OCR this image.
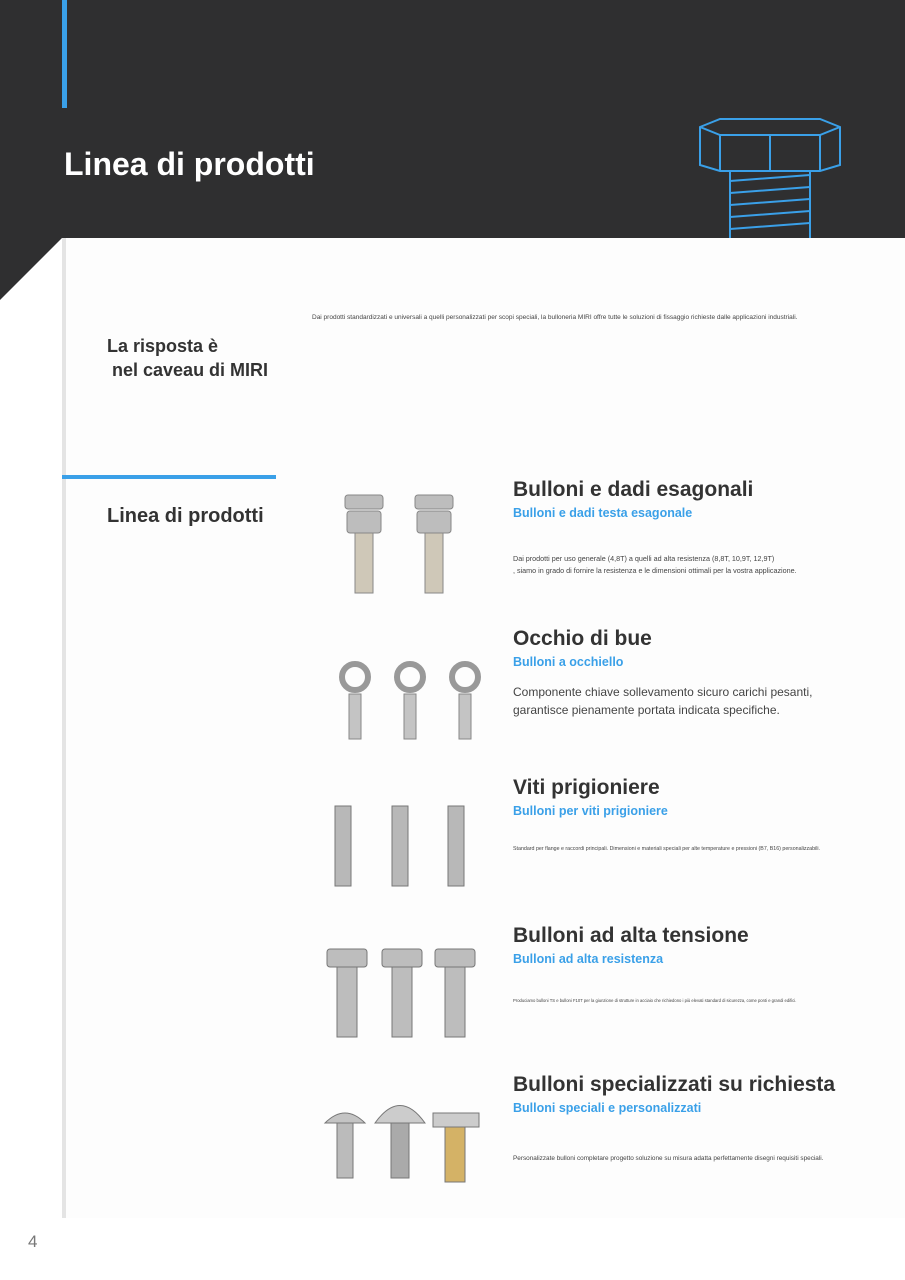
Linea di prodotti
Dai prodotti standardizzati e universali a quelli personalizzati per scopi speciali, la bulloneria MIRI offre tutte le soluzioni di fissaggio richieste dalle applicazioni industriali.
La risposta è
nel caveau di MIRI
Linea di prodotti
Bulloni e dadi esagonali
Bulloni e dadi testa esagonale
Dai prodotti per uso generale (4,8T) a quelli ad alta resistenza (8,8T, 10,9T, 12,9T)
, siamo in grado di fornire la resistenza e le dimensioni ottimali per la vostra applicazione.
Occhio di bue
Bulloni a occhiello
Componente chiave sollevamento sicuro carichi pesanti, garantisce pienamente portata indicata specifiche.
Viti prigioniere
Bulloni per viti prigioniere
Standard per flange e raccordi principali. Dimensioni e materiali speciali per alte temperature e pressioni (B7, B16) personalizzabili.
Bulloni ad alta tensione
Bulloni ad alta resistenza
Produciamo bulloni TS e bulloni F10T per la giunzione di strutture in acciaio che richiedono i più elevati standard di sicurezza, come ponti e grandi edifici.
Bulloni specializzati su richiesta
Bulloni speciali e personalizzati
Personalizzate bulloni completare progetto soluzione su misura adatta perfettamente disegni requisiti speciali.
4
